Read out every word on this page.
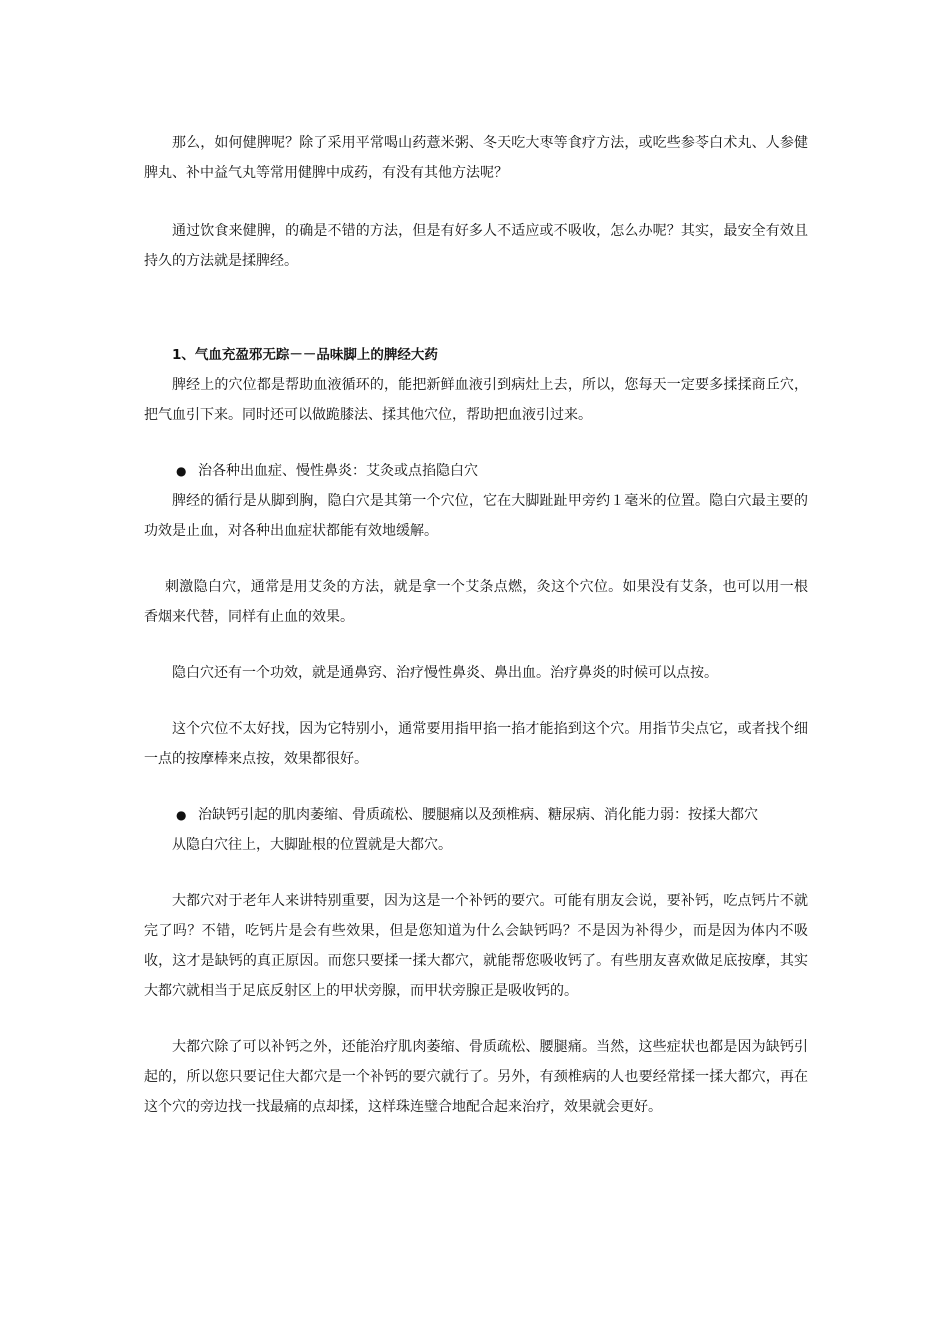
那么，如何健脾呢？除了采用平常喝山药薏米粥、冬天吃大枣等食疗方法，或吃些参苓白术丸、人参健脾丸、补中益气丸等常用健脾中成药，有没有其他方法呢？

通过饮食来健脾，的确是不错的方法，但是有好多人不适应或不吸收，怎么办呢？其实，最安全有效且持久的方法就是揉脾经。

1、气血充盈邪无踪－－品味脚上的脾经大药

脾经上的穴位都是帮助血液循环的，能把新鲜血液引到病灶上去，所以，您每天一定要多揉揉商丘穴，把气血引下来。同时还可以做跪膝法、揉其他穴位，帮助把血液引过来。

● 治各种出血症、慢性鼻炎：艾灸或点掐隐白穴

脾经的循行是从脚到胸，隐白穴是其第一个穴位，它在大脚趾趾甲旁约１毫米的位置。隐白穴最主要的功效是止血，对各种出血症状都能有效地缓解。

刺激隐白穴，通常是用艾灸的方法，就是拿一个艾条点燃，灸这个穴位。如果没有艾条，也可以用一根香烟来代替，同样有止血的效果。

隐白穴还有一个功效，就是通鼻窍、治疗慢性鼻炎、鼻出血。治疗鼻炎的时候可以点按。

这个穴位不太好找，因为它特别小，通常要用指甲掐一掐才能掐到这个穴。用指节尖点它，或者找个细一点的按摩棒来点按，效果都很好。

● 治缺钙引起的肌肉萎缩、骨质疏松、腰腿痛以及颈椎病、糖尿病、消化能力弱：按揉大都穴

从隐白穴往上，大脚趾根的位置就是大都穴。

大都穴对于老年人来讲特别重要，因为这是一个补钙的要穴。可能有朋友会说，要补钙，吃点钙片不就完了吗？不错，吃钙片是会有些效果，但是您知道为什么会缺钙吗？不是因为补得少，而是因为体内不吸收，这才是缺钙的真正原因。而您只要揉一揉大都穴，就能帮您吸收钙了。有些朋友喜欢做足底按摩，其实大都穴就相当于足底反射区上的甲状旁腺，而甲状旁腺正是吸收钙的。

大都穴除了可以补钙之外，还能治疗肌肉萎缩、骨质疏松、腰腿痛。当然，这些症状也都是因为缺钙引起的，所以您只要记住大都穴是一个补钙的要穴就行了。另外，有颈椎病的人也要经常揉一揉大都穴，再在这个穴的旁边找一找最痛的点却揉，这样珠连璧合地配合起来治疗，效果就会更好。
